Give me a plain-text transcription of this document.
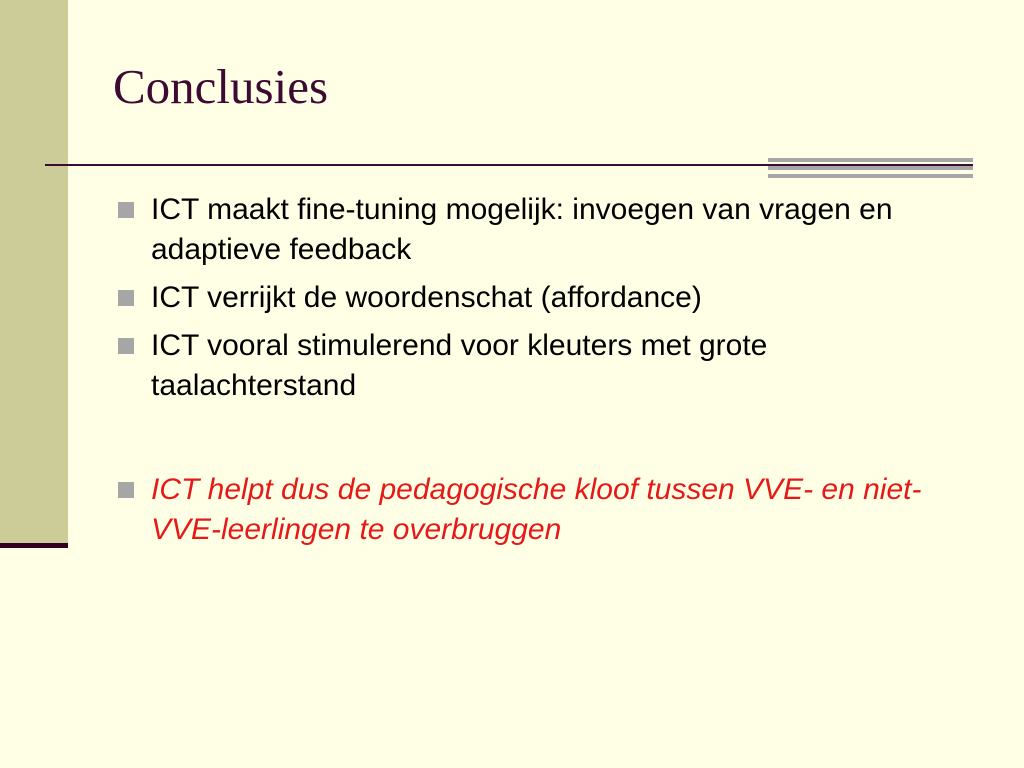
Conclusies
ICT maakt fine-tuning mogelijk: invoegen van vragen en adaptieve feedback
ICT verrijkt de woordenschat (affordance)
ICT vooral stimulerend voor kleuters met grote taalachterstand
ICT helpt dus de pedagogische kloof tussen VVE- en niet-VVE-leerlingen te overbruggen
